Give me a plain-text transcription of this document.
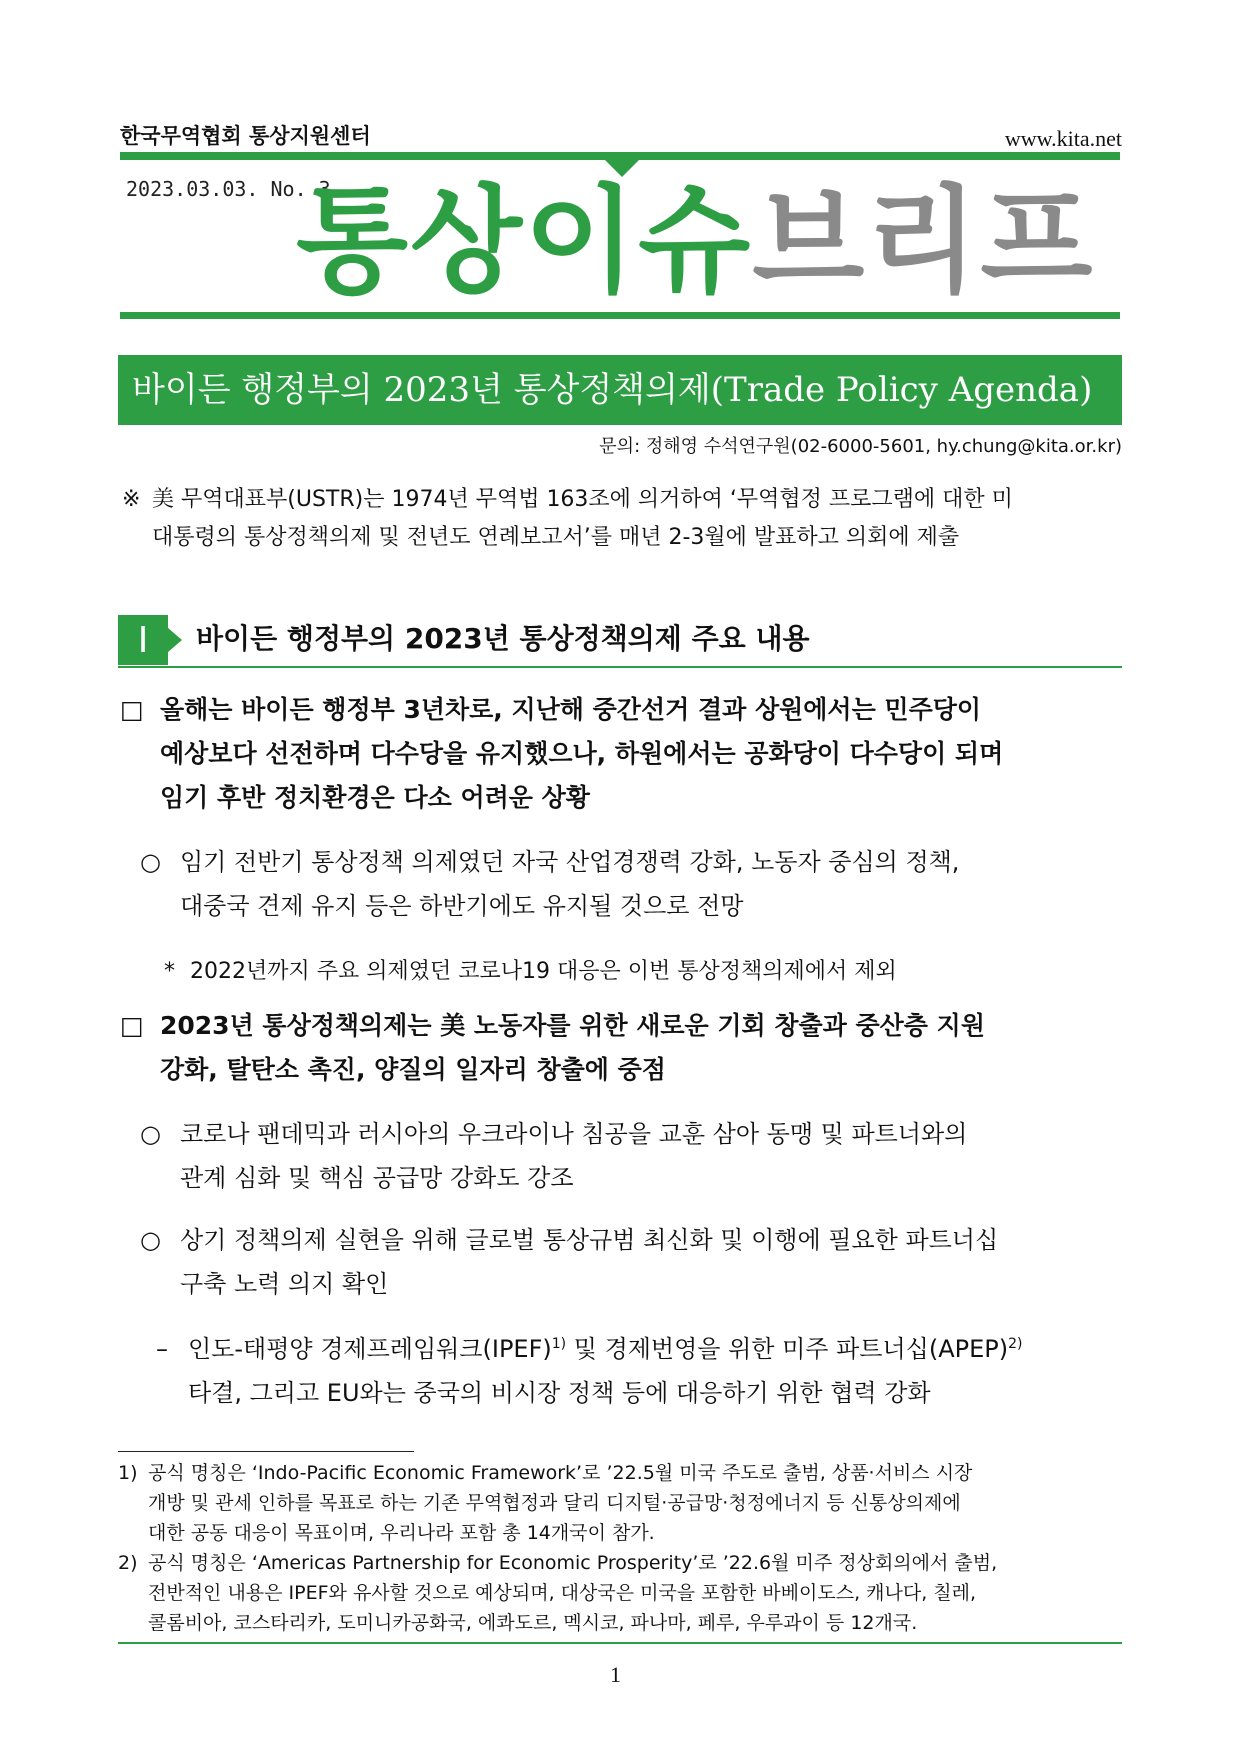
한국무역협회 통상지원센터	www.kita.net
2023.03.03. No. 3
통상이슈브리프
바이든 행정부의 2023년 통상정책의제(Trade Policy Agenda)
문의: 정해영 수석연구원(02-6000-5601, hy.chung@kita.or.kr)
※ 美 무역대표부(USTR)는 1974년 무역법 163조에 의거하여 ‘무역협정 프로그램에 대한 미
대통령의 통상정책의제 및 전년도 연례보고서’를 매년 2-3월에 발표하고 의회에 제출
Ⅰ	바이든 행정부의 2023년 통상정책의제 주요 내용
□ 올해는 바이든 행정부 3년차로, 지난해 중간선거 결과 상원에서는 민주당이
예상보다 선전하며 다수당을 유지했으나, 하원에서는 공화당이 다수당이 되며
임기 후반 정치환경은 다소 어려운 상황
○ 임기 전반기 통상정책 의제였던 자국 산업경쟁력 강화, 노동자 중심의 정책,
대중국 견제 유지 등은 하반기에도 유지될 것으로 전망
* 2022년까지 주요 의제였던 코로나19 대응은 이번 통상정책의제에서 제외
□ 2023년 통상정책의제는 美 노동자를 위한 새로운 기회 창출과 중산층 지원
강화, 탈탄소 촉진, 양질의 일자리 창출에 중점
○ 코로나 팬데믹과 러시아의 우크라이나 침공을 교훈 삼아 동맹 및 파트너와의
관계 심화 및 핵심 공급망 강화도 강조
○ 상기 정책의제 실현을 위해 글로벌 통상규범 최신화 및 이행에 필요한 파트너십
구축 노력 의지 확인
– 인도-태평양 경제프레임워크(IPEF)$^{1)}$ 및 경제번영을 위한 미주 파트너십(APEP)$^{2)}$
타결, 그리고 EU와는 중국의 비시장 정책 등에 대응하기 위한 협력 강화
1) 공식 명칭은 ‘Indo-Pacific Economic Framework’로 ’22.5월 미국 주도로 출범, 상품·서비스 시장
개방 및 관세 인하를 목표로 하는 기존 무역협정과 달리 디지털·공급망·청정에너지 등 신통상의제에
대한 공동 대응이 목표이며, 우리나라 포함 총 14개국이 참가.
2) 공식 명칭은 ‘Americas Partnership for Economic Prosperity’로 ’22.6월 미주 정상회의에서 출범,
전반적인 내용은 IPEF와 유사할 것으로 예상되며, 대상국은 미국을 포함한 바베이도스, 캐나다, 칠레,
콜롬비아, 코스타리카, 도미니카공화국, 에콰도르, 멕시코, 파나마, 페루, 우루과이 등 12개국.
1
